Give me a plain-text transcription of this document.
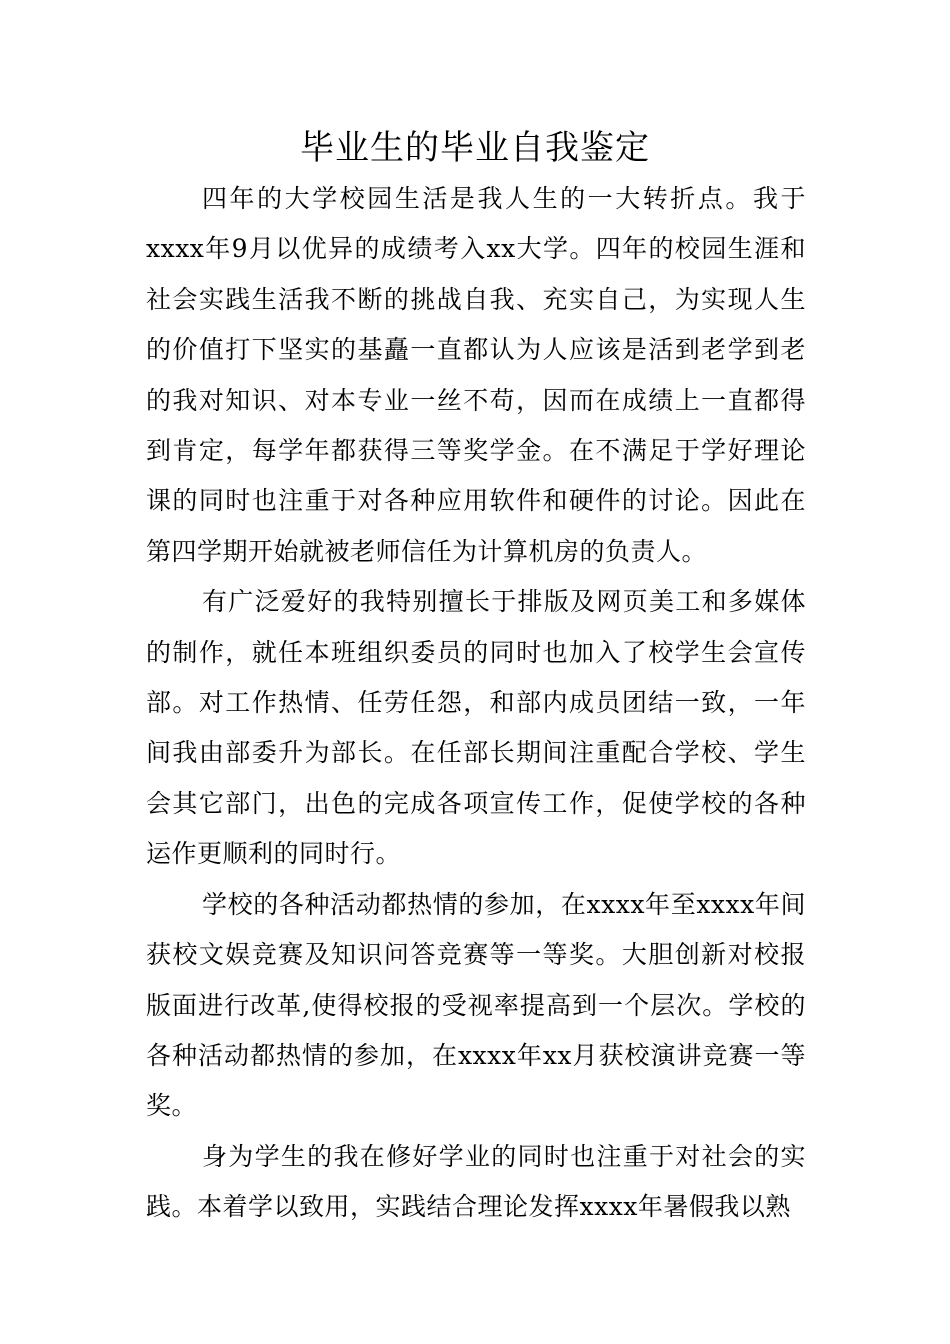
毕业生的毕业自我鉴定

四年的大学校园生活是我人生的一大转折点。我于xxxx年9月以优异的成绩考入xx大学。四年的校园生涯和社会实践生活我不断的挑战自我、充实自己，为实现人生的价值打下坚实的基矗一直都认为人应该是活到老学到老的我对知识、对本专业一丝不苟，因而在成绩上一直都得到肯定，每学年都获得三等奖学金。在不满足于学好理论课的同时也注重于对各种应用软件和硬件的讨论。因此在第四学期开始就被老师信任为计算机房的负责人。

有广泛爱好的我特别擅长于排版及网页美工和多媒体的制作，就任本班组织委员的同时也加入了校学生会宣传部。对工作热情、任劳任怨，和部内成员团结一致，一年间我由部委升为部长。在任部长期间注重配合学校、学生会其它部门，出色的完成各项宣传工作，促使学校的各种运作更顺利的同时行。

学校的各种活动都热情的参加，在xxxx年至xxxx年间获校文娱竞赛及知识问答竞赛等一等奖。大胆创新对校报版面进行改革,使得校报的受视率提高到一个层次。学校的各种活动都热情的参加，在xxxx年xx月获校演讲竞赛一等奖。

身为学生的我在修好学业的同时也注重于对社会的实践。本着学以致用，实践结合理论发挥xxxx年暑假我以熟
